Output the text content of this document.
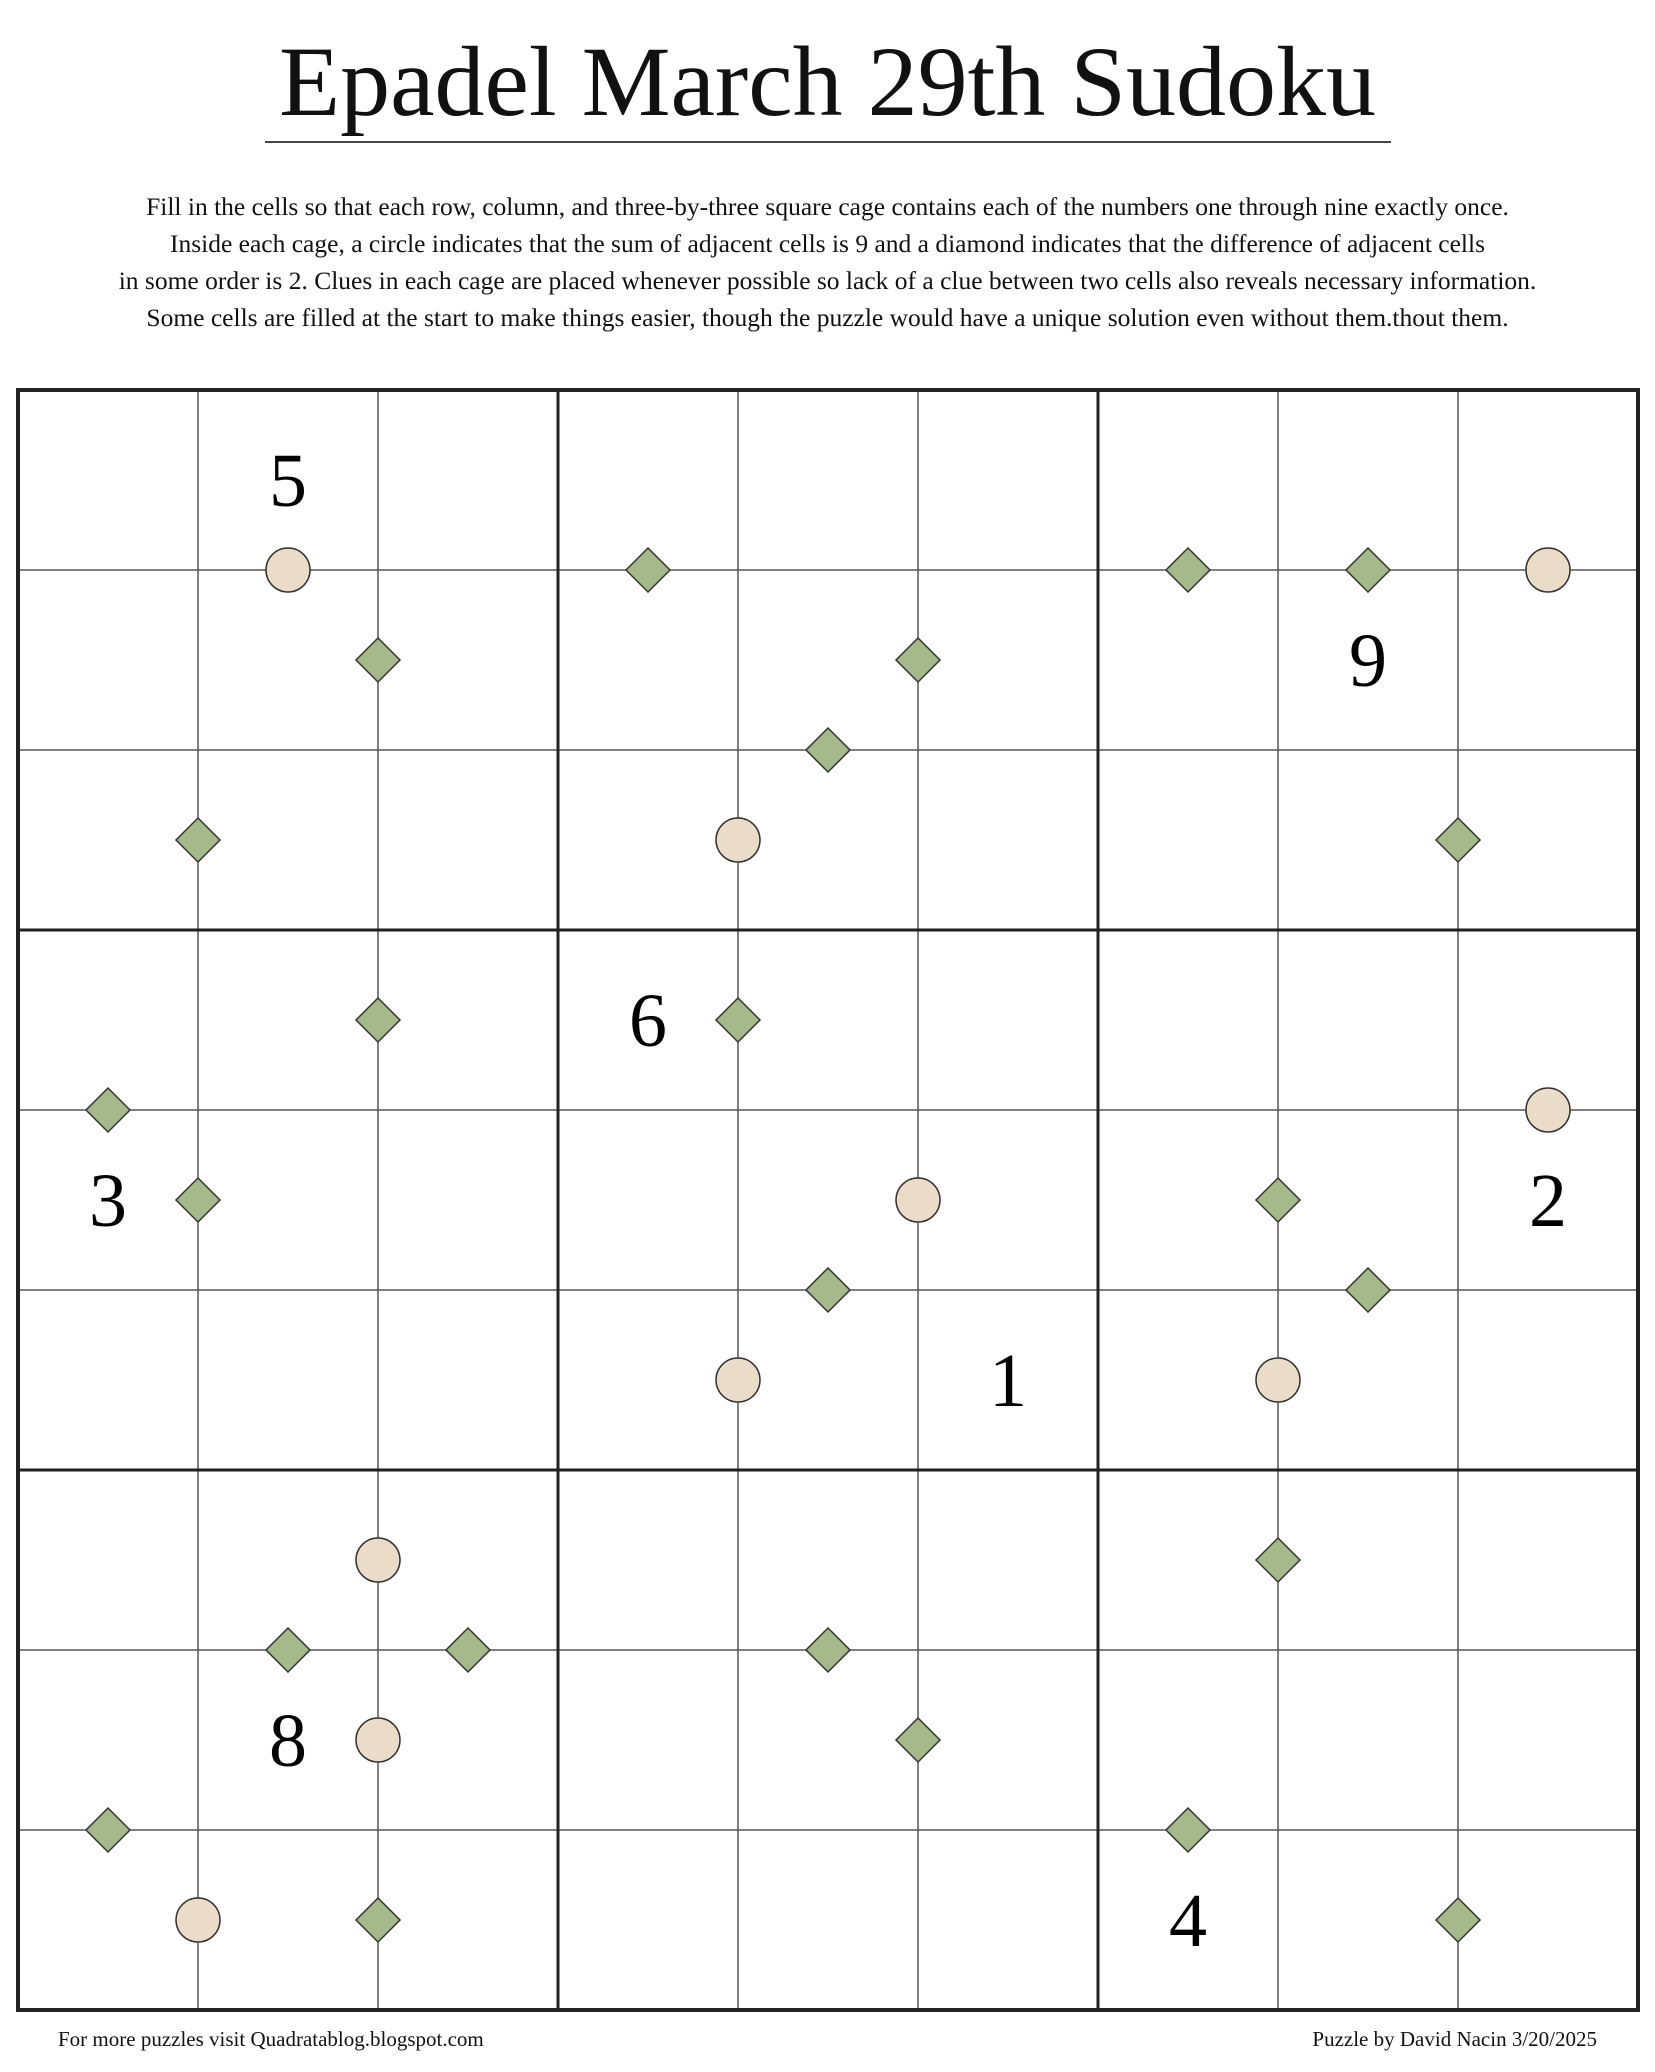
Epadel March 29th Sudoku
Fill in the cells so that each row, column, and three-by-three square cage contains each of the numbers one through nine exactly once.
Inside each cage, a circle indicates that the sum of adjacent cells is 9 and a diamond indicates that the difference of adjacent cells
in some order is 2. Clues in each cage are placed whenever possible so lack of a clue between two cells also reveals necessary information.
Some cells are filled at the start to make things easier, though the puzzle would have a unique solution even without them.thout them.
5
9
6
3	2
1
8
4
For more puzzles visit Quadratablog.blogspot.com	Puzzle by David Nacin 3/20/2025
